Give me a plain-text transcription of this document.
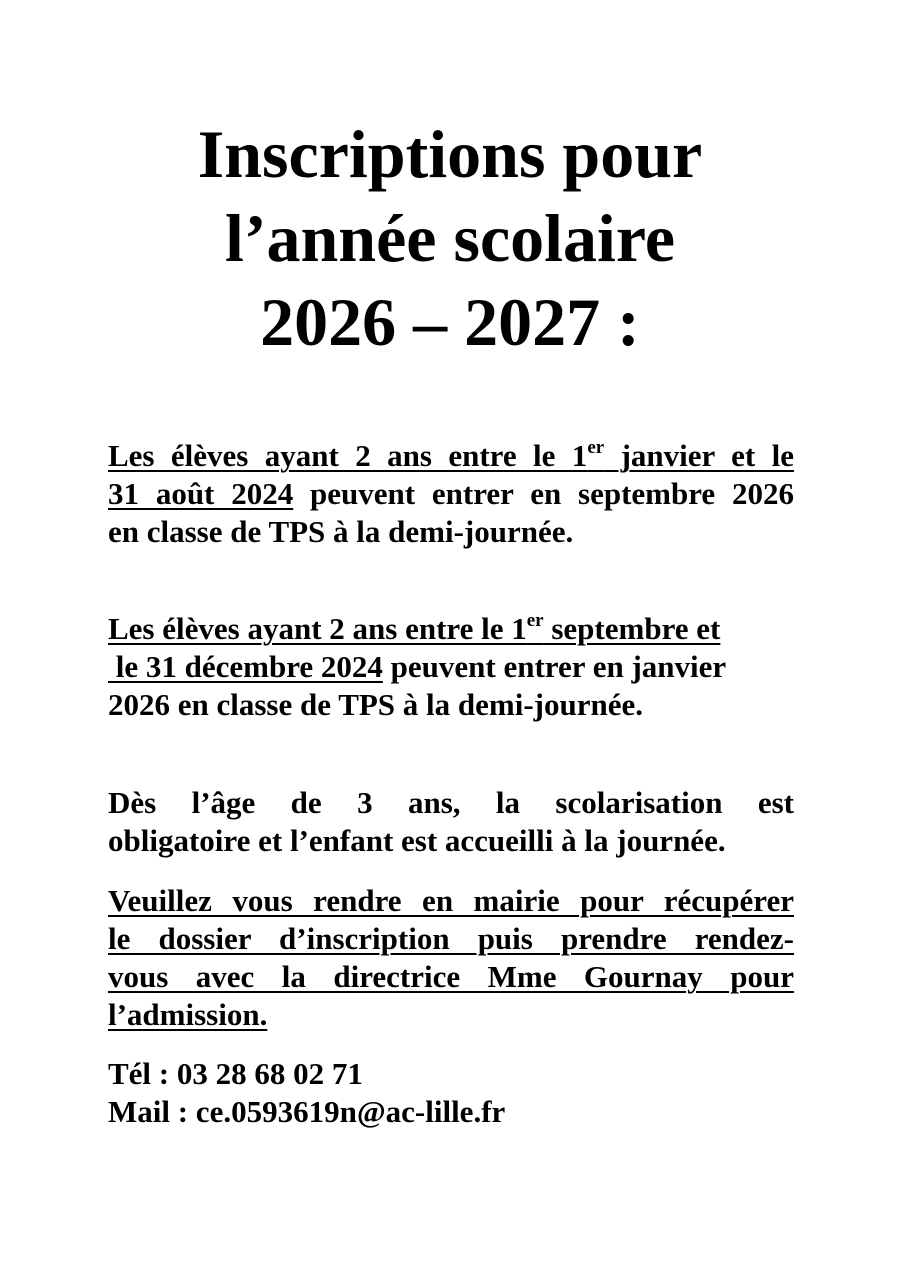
Inscriptions pour
l’année scolaire
2026 – 2027 :
Les élèves ayant 2 ans entre le 1er janvier et le
31 août 2024 peuvent entrer en septembre 2026
en classe de TPS à la demi-journée.
Les élèves ayant 2 ans entre le 1er septembre et
le 31 décembre 2024 peuvent entrer en janvier
2026 en classe de TPS à la demi-journée.
Dès l’âge de 3 ans, la scolarisation est
obligatoire et l’enfant est accueilli à la journée.
Veuillez vous rendre en mairie pour récupérer
le dossier d’inscription puis prendre rendez-
vous avec la directrice Mme Gournay pour
l’admission.
Tél : 03 28 68 02 71
Mail : ce.0593619n@ac-lille.fr
